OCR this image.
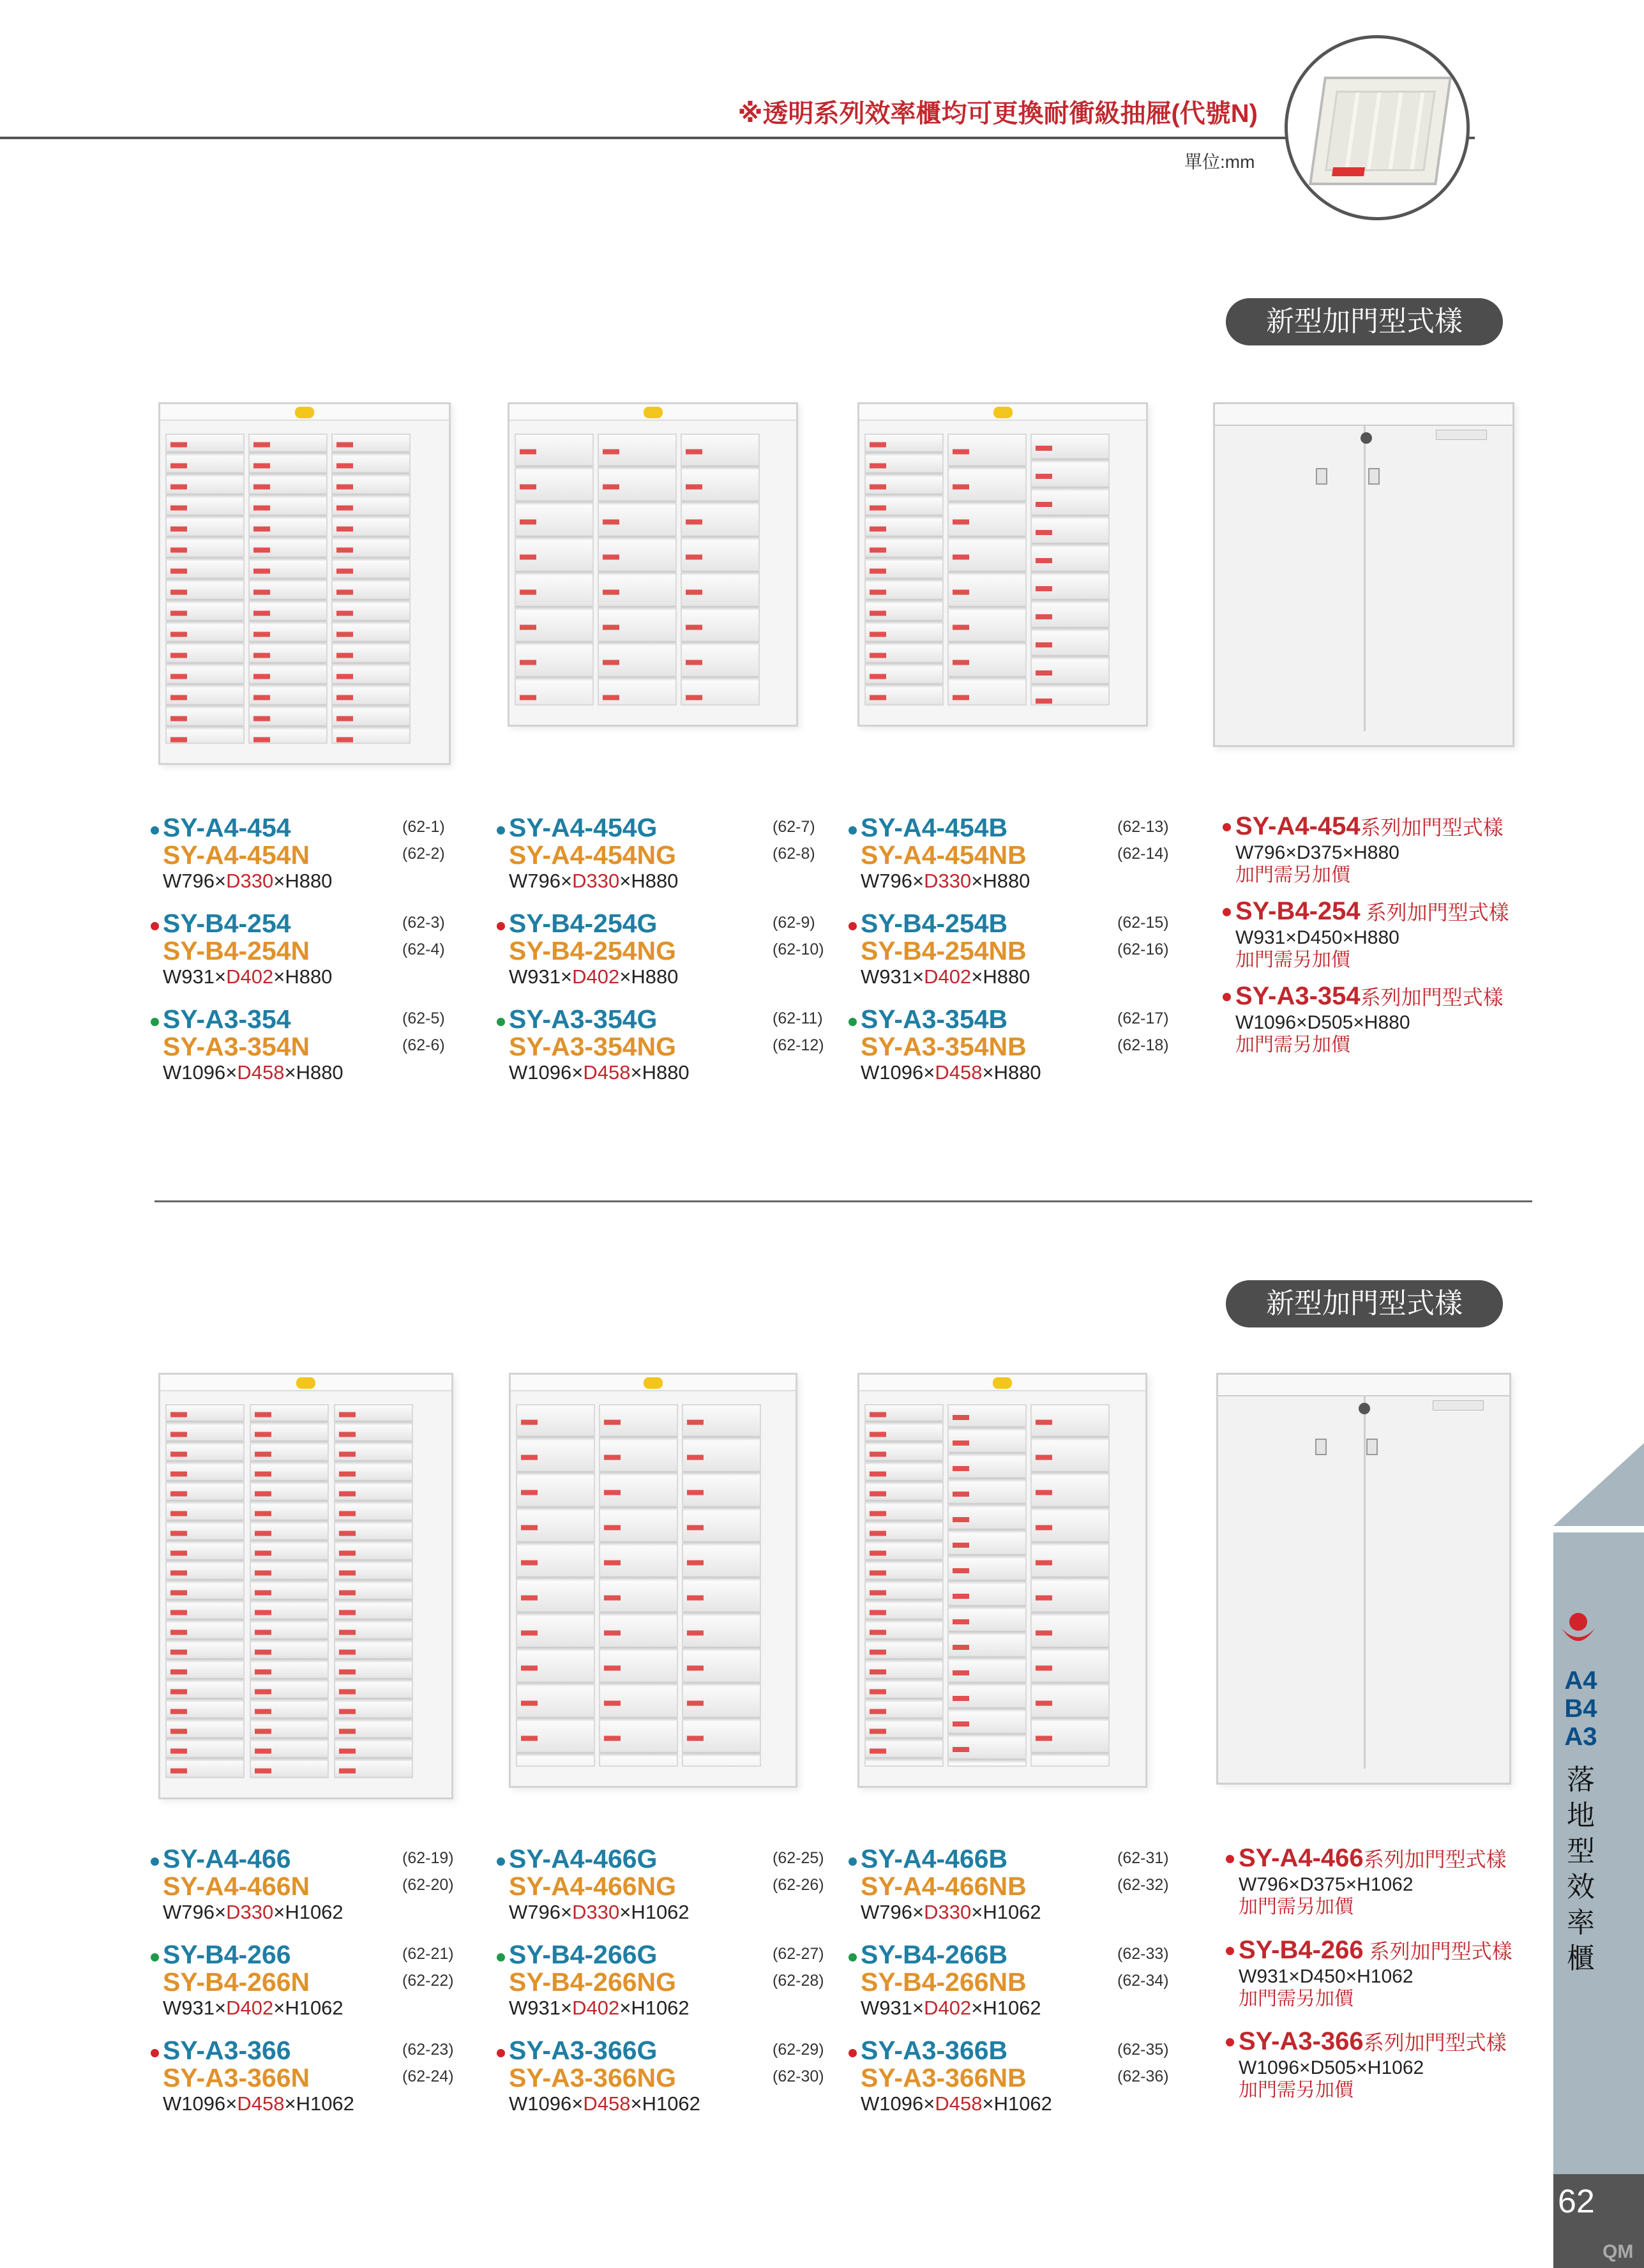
※透明系列效率櫃均可更換耐衝級抽屜(代號N)
單位:mm
新型加門型式樣
新型加門型式樣
SY-A4-454
SY-A4-454N
W796×D330×H880
(62-1)
(62-2)
SY-B4-254
SY-B4-254N
W931×D402×H880
(62-3)
(62-4)
SY-A3-354
SY-A3-354N
W1096×D458×H880
(62-5)
(62-6)
SY-A4-454G
SY-A4-454NG
W796×D330×H880
(62-7)
(62-8)
SY-B4-254G
SY-B4-254NG
W931×D402×H880
(62-9)
(62-10)
SY-A3-354G
SY-A3-354NG
W1096×D458×H880
(62-11)
(62-12)
SY-A4-454B
SY-A4-454NB
W796×D330×H880
(62-13)
(62-14)
SY-B4-254B
SY-B4-254NB
W931×D402×H880
(62-15)
(62-16)
SY-A3-354B
SY-A3-354NB
W1096×D458×H880
(62-17)
(62-18)
SY-A4-454系列加門型式樣
W796×D375×H880
加門需另加價
SY-B4-254 系列加門型式樣
W931×D450×H880
加門需另加價
SY-A3-354系列加門型式樣
W1096×D505×H880
加門需另加價
SY-A4-466
SY-A4-466N
W796×D330×H1062
(62-19)
(62-20)
SY-B4-266
SY-B4-266N
W931×D402×H1062
(62-21)
(62-22)
SY-A3-366
SY-A3-366N
W1096×D458×H1062
(62-23)
(62-24)
SY-A4-466G
SY-A4-466NG
W796×D330×H1062
(62-25)
(62-26)
SY-B4-266G
SY-B4-266NG
W931×D402×H1062
(62-27)
(62-28)
SY-A3-366G
SY-A3-366NG
W1096×D458×H1062
(62-29)
(62-30)
SY-A4-466B
SY-A4-466NB
W796×D330×H1062
(62-31)
(62-32)
SY-B4-266B
SY-B4-266NB
W931×D402×H1062
(62-33)
(62-34)
SY-A3-366B
SY-A3-366NB
W1096×D458×H1062
(62-35)
(62-36)
SY-A4-466系列加門型式樣
W796×D375×H1062
加門需另加價
SY-B4-266 系列加門型式樣
W931×D450×H1062
加門需另加價
SY-A3-366系列加門型式樣
W1096×D505×H1062
加門需另加價
A4
B4
A3
落
地
型
效
率
櫃
62
QM
